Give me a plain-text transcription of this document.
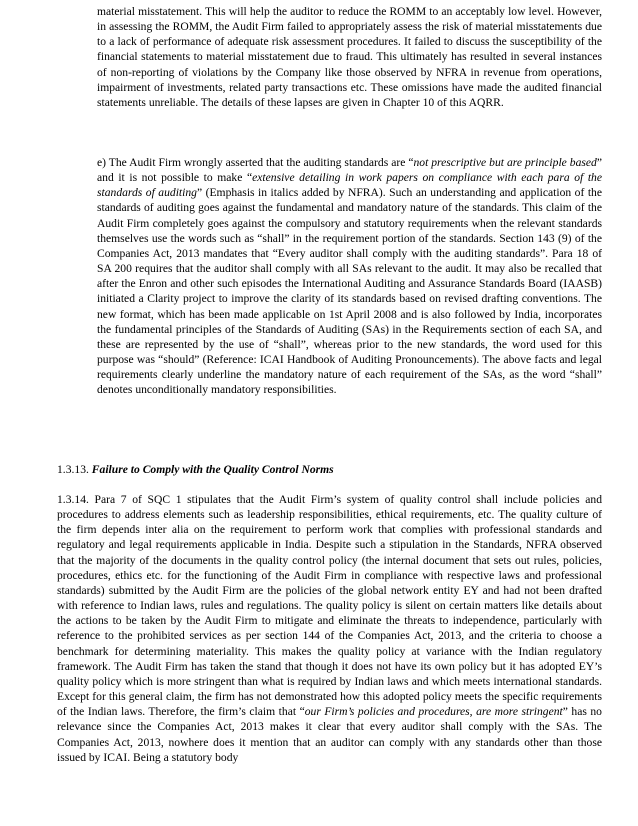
material misstatement. This will help the auditor to reduce the ROMM to an acceptably low level. However, in assessing the ROMM, the Audit Firm failed to appropriately assess the risk of material misstatements due to a lack of performance of adequate risk assessment procedures. It failed to discuss the susceptibility of the financial statements to material misstatement due to fraud. This ultimately has resulted in several instances of non-reporting of violations by the Company like those observed by NFRA in revenue from operations, impairment of investments, related party transactions etc. These omissions have made the audited financial statements unreliable. The details of these lapses are given in Chapter 10 of this AQRR.

e) The Audit Firm wrongly asserted that the auditing standards are “not prescriptive but are principle based” and it is not possible to make “extensive detailing in work papers on compliance with each para of the standards of auditing” (Emphasis in italics added by NFRA). Such an understanding and application of the standards of auditing goes against the fundamental and mandatory nature of the standards. This claim of the Audit Firm completely goes against the compulsory and statutory requirements when the relevant standards themselves use the words such as “shall” in the requirement portion of the standards. Section 143 (9) of the Companies Act, 2013 mandates that “Every auditor shall comply with the auditing standards”. Para 18 of SA 200 requires that the auditor shall comply with all SAs relevant to the audit. It may also be recalled that after the Enron and other such episodes the International Auditing and Assurance Standards Board (IAASB) initiated a Clarity project to improve the clarity of its standards based on revised drafting conventions. The new format, which has been made applicable on 1st April 2008 and is also followed by India, incorporates the fundamental principles of the Standards of Auditing (SAs) in the Requirements section of each SA, and these are represented by the use of “shall”, whereas prior to the new standards, the word used for this purpose was “should” (Reference: ICAI Handbook of Auditing Pronouncements). The above facts and legal requirements clearly underline the mandatory nature of each requirement of the SAs, as the word “shall” denotes unconditionally mandatory responsibilities.

1.3.13. Failure to Comply with the Quality Control Norms

1.3.14. Para 7 of SQC 1 stipulates that the Audit Firm’s system of quality control shall include policies and procedures to address elements such as leadership responsibilities, ethical requirements, etc. The quality culture of the firm depends inter alia on the requirement to perform work that complies with professional standards and regulatory and legal requirements applicable in India. Despite such a stipulation in the Standards, NFRA observed that the majority of the documents in the quality control policy (the internal document that sets out rules, policies, procedures, ethics etc. for the functioning of the Audit Firm in compliance with respective laws and professional standards) submitted by the Audit Firm are the policies of the global network entity EY and had not been drafted with reference to Indian laws, rules and regulations. The quality policy is silent on certain matters like details about the actions to be taken by the Audit Firm to mitigate and eliminate the threats to independence, particularly with reference to the prohibited services as per section 144 of the Companies Act, 2013, and the criteria to choose a benchmark for determining materiality. This makes the quality policy at variance with the Indian regulatory framework. The Audit Firm has taken the stand that though it does not have its own policy but it has adopted EY’s quality policy which is more stringent than what is required by Indian laws and which meets international standards. Except for this general claim, the firm has not demonstrated how this adopted policy meets the specific requirements of the Indian laws. Therefore, the firm’s claim that “our Firm’s policies and procedures, are more stringent” has no relevance since the Companies Act, 2013 makes it clear that every auditor shall comply with the SAs. The Companies Act, 2013, nowhere does it mention that an auditor can comply with any standards other than those issued by ICAI. Being a statutory body
